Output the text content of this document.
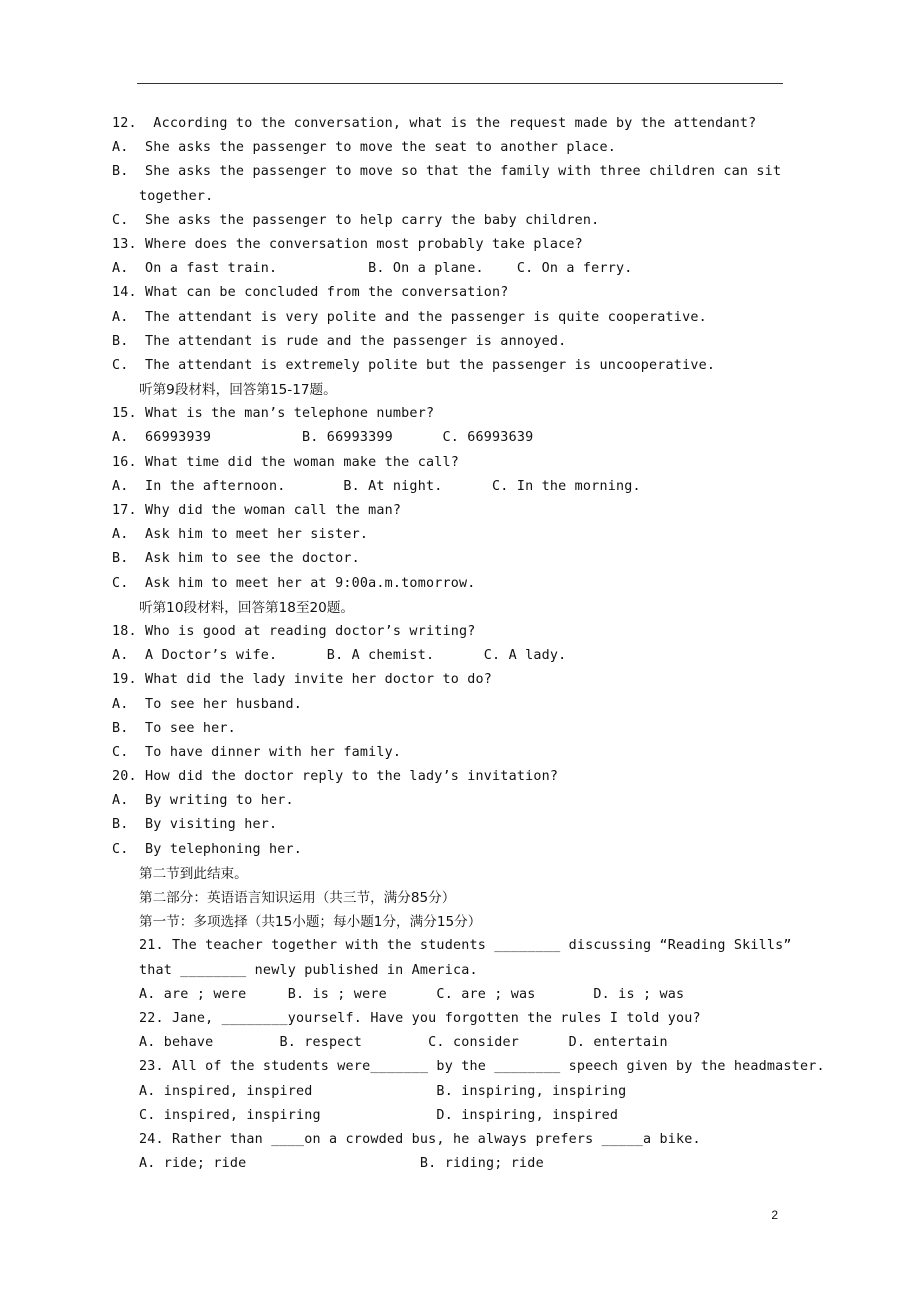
12.  According to the conversation, what is the request made by the attendant?
A.  She asks the passenger to move the seat to another place.
B.  She asks the passenger to move so that the family with three children can sit
together.
C.  She asks the passenger to help carry the baby children.
13. Where does the conversation most probably take place?
A.  On a fast train.           B. On a plane.    C. On a ferry.
14. What can be concluded from the conversation?
A.  The attendant is very polite and the passenger is quite cooperative.
B.  The attendant is rude and the passenger is annoyed.
C.  The attendant is extremely polite but the passenger is uncooperative.
听第9段材料，回答第15-17题。
15. What is the man’s telephone number?
A.  66993939           B. 66993399      C. 66993639
16. What time did the woman make the call?
A.  In the afternoon.       B. At night.      C. In the morning.
17. Why did the woman call the man?
A.  Ask him to meet her sister.
B.  Ask him to see the doctor.
C.  Ask him to meet her at 9:00a.m.tomorrow.
听第10段材料，回答第18至20题。
18. Who is good at reading doctor’s writing?
A.  A Doctor’s wife.      B. A chemist.      C. A lady.
19. What did the lady invite her doctor to do?
A.  To see her husband.
B.  To see her.
C.  To have dinner with her family.
20. How did the doctor reply to the lady’s invitation?
A.  By writing to her.
B.  By visiting her.
C.  By telephoning her.
第二节到此结束。
第二部分：英语语言知识运用（共三节，满分85分）
第一节：多项选择（共15小题；每小题1分，满分15分）
21. The teacher together with the students ________ discussing “Reading Skills”
that ________ newly published in America.
A. are ; were     B. is ; were      C. are ; was       D. is ; was
22. Jane, ________yourself. Have you forgotten the rules I told you?
A. behave        B. respect        C. consider      D. entertain
23. All of the students were_______ by the ________ speech given by the headmaster.
A. inspired, inspired               B. inspiring, inspiring
C. inspired, inspiring              D. inspiring, inspired
24. Rather than ____on a crowded bus, he always prefers _____a bike.
A. ride; ride                     B. riding; ride
2
